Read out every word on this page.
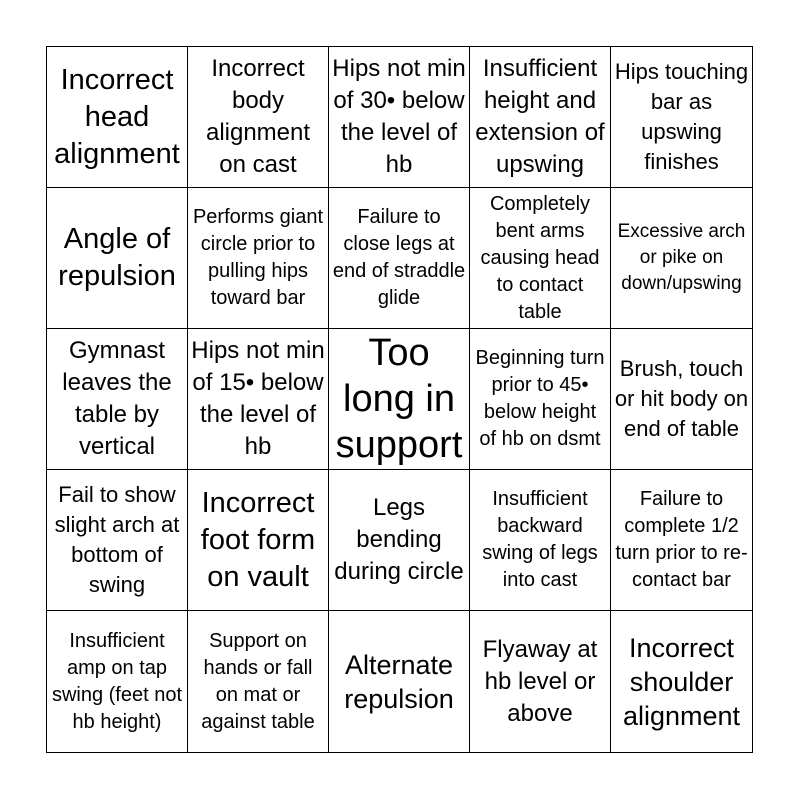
Incorrect head alignment
Incorrect body alignment on cast
Hips not min of 30• below the level of hb
Insufficient height and extension of upswing
Hips touching bar as upswing finishes
Angle of repulsion
Performs giant circle prior to pulling hips toward bar
Failure to close legs at end of straddle glide
Completely bent arms causing head to contact table
Excessive arch or pike on down/upswing
Gymnast leaves the table by vertical
Hips not min of 15• below the level of hb
Too long in support
Beginning turn prior to 45• below height of hb on dsmt
Brush, touch or hit body on end of table
Fail to show slight arch at bottom of swing
Incorrect foot form on vault
Legs bending during circle
Insufficient backward swing of legs into cast
Failure to complete 1/2 turn prior to re-contact bar
Insufficient amp on tap swing (feet not hb height)
Support on hands or fall on mat or against table
Alternate repulsion
Flyaway at hb level or above
Incorrect shoulder alignment
